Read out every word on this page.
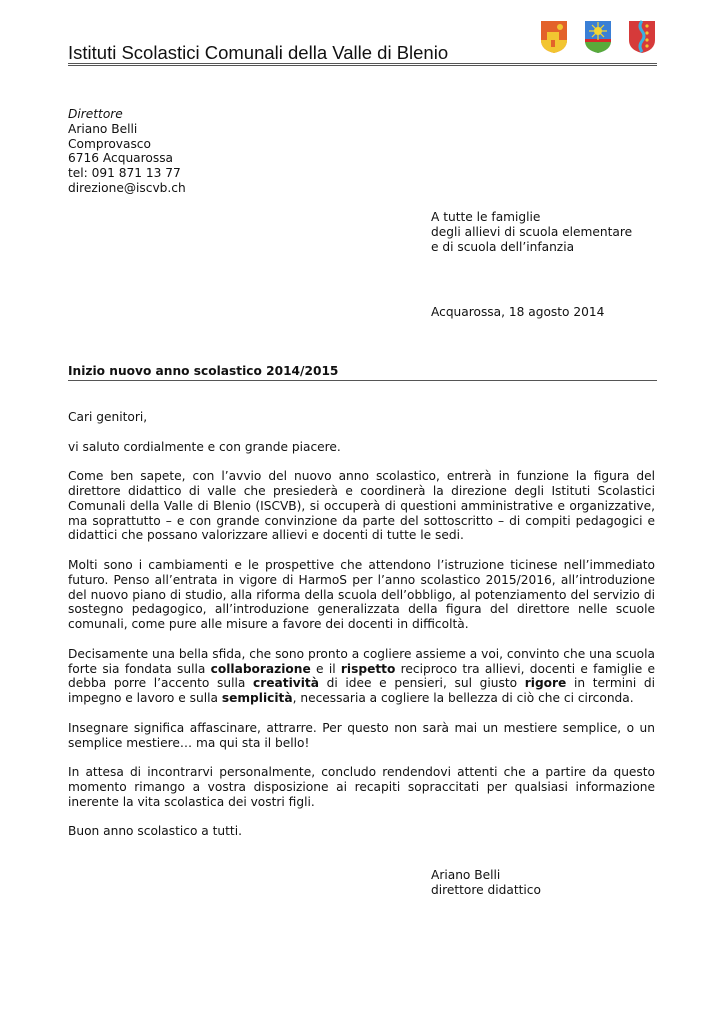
Istituti Scolastici Comunali della Valle di Blenio
Direttore
Ariano Belli
Comprovasco
6716 Acquarossa
tel: 091 871 13 77
direzione@iscvb.ch
A tutte le famiglie
degli allievi di scuola elementare
e di scuola dell’infanzia
Acquarossa, 18 agosto 2014
Inizio nuovo anno scolastico 2014/2015

Cari genitori,

vi saluto cordialmente e con grande piacere.

Come ben sapete, con l’avvio del nuovo anno scolastico, entrerà in funzione la figura del direttore didattico di valle che presiederà e coordinerà la direzione degli Istituti Scolastici Comunali della Valle di Blenio (ISCVB), si occuperà di questioni amministrative e organizzative, ma soprattutto – e con grande convinzione da parte del sottoscritto – di compiti pedagogici e didattici che possano valorizzare allievi e docenti di tutte le sedi.

Molti sono i cambiamenti e le prospettive che attendono l’istruzione ticinese nell’immediato futuro. Penso all’entrata in vigore di HarmoS per l’anno scolastico 2015/2016, all’introduzione del nuovo piano di studio, alla riforma della scuola dell’obbligo, al potenziamento del servizio di sostegno pedagogico, all’introduzione generalizzata della figura del direttore nelle scuole comunali, come pure alle misure a favore dei docenti in difficoltà.

Decisamente una bella sfida, che sono pronto a cogliere assieme a voi, convinto che una scuola forte sia fondata sulla collaborazione e il rispetto reciproco tra allievi, docenti e famiglie e debba porre l’accento sulla creatività di idee e pensieri, sul giusto rigore in termini di impegno e lavoro e sulla semplicità, necessaria a cogliere la bellezza di ciò che ci circonda.

Insegnare significa affascinare, attrarre. Per questo non sarà mai un mestiere semplice, o un semplice mestiere… ma qui sta il bello!

In attesa di incontrarvi personalmente, concludo rendendovi attenti che a partire da questo momento rimango a vostra disposizione ai recapiti sopraccitati per qualsiasi informazione inerente la vita scolastica dei vostri figli.

Buon anno scolastico a tutti.

Ariano Belli
direttore didattico
